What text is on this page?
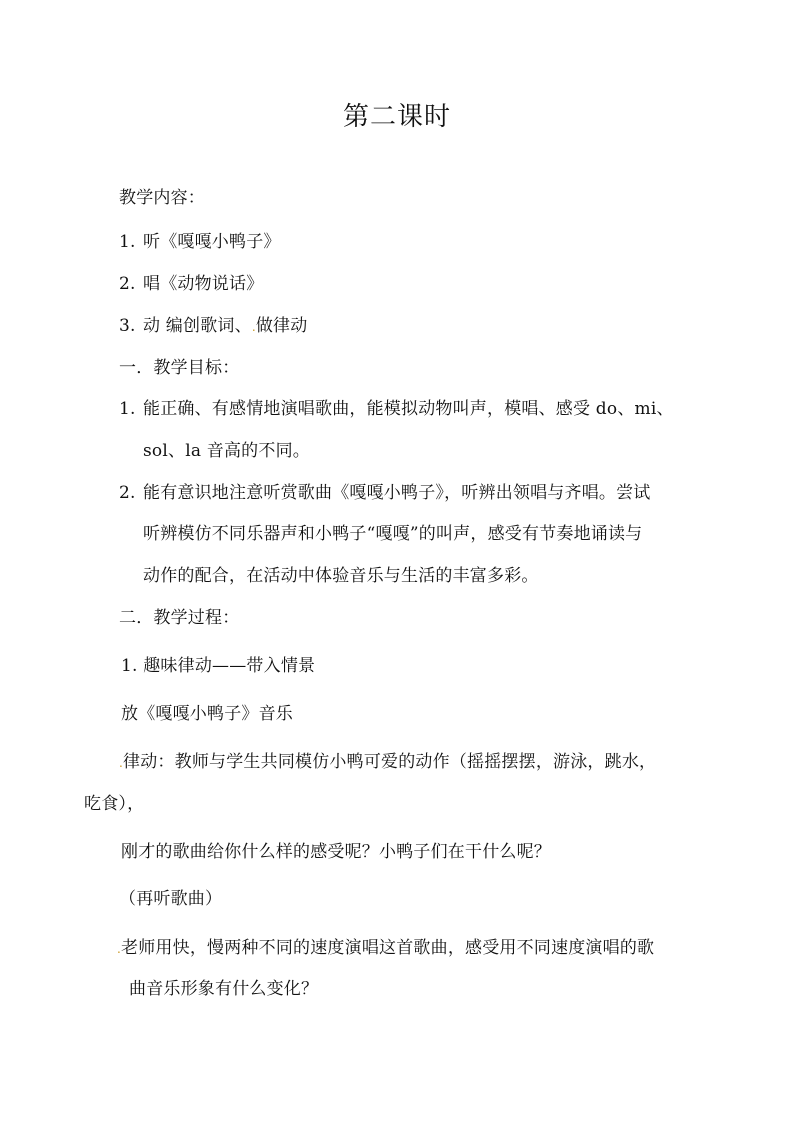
第二课时
教学内容：
1. 听《嘎嘎小鸭子》
2. 唱《动物说话》
3. 动 编创歌词、.做律动
一．教学目标：
1. 能正确、有感情地演唱歌曲，能模拟动物叫声，模唱、感受 do、mi、
sol、la 音高的不同。
2. 能有意识地注意听赏歌曲《嘎嘎小鸭子》，听辨出领唱与齐唱。尝试
听辨模仿不同乐器声和小鸭子“嘎嘎”的叫声，感受有节奏地诵读与
动作的配合，在活动中体验音乐与生活的丰富多彩。
二．教学过程：
1. 趣味律动——带入情景
放《嘎嘎小鸭子》音乐
.律动：教师与学生共同模仿小鸭可爱的动作（摇摇摆摆，游泳，跳水，
吃食），
刚才的歌曲给你什么样的感受呢？小鸭子们在干什么呢？
（再听歌曲）
.老师用快，慢两种不同的速度演唱这首歌曲，感受用不同速度演唱的歌
曲音乐形象有什么变化？
